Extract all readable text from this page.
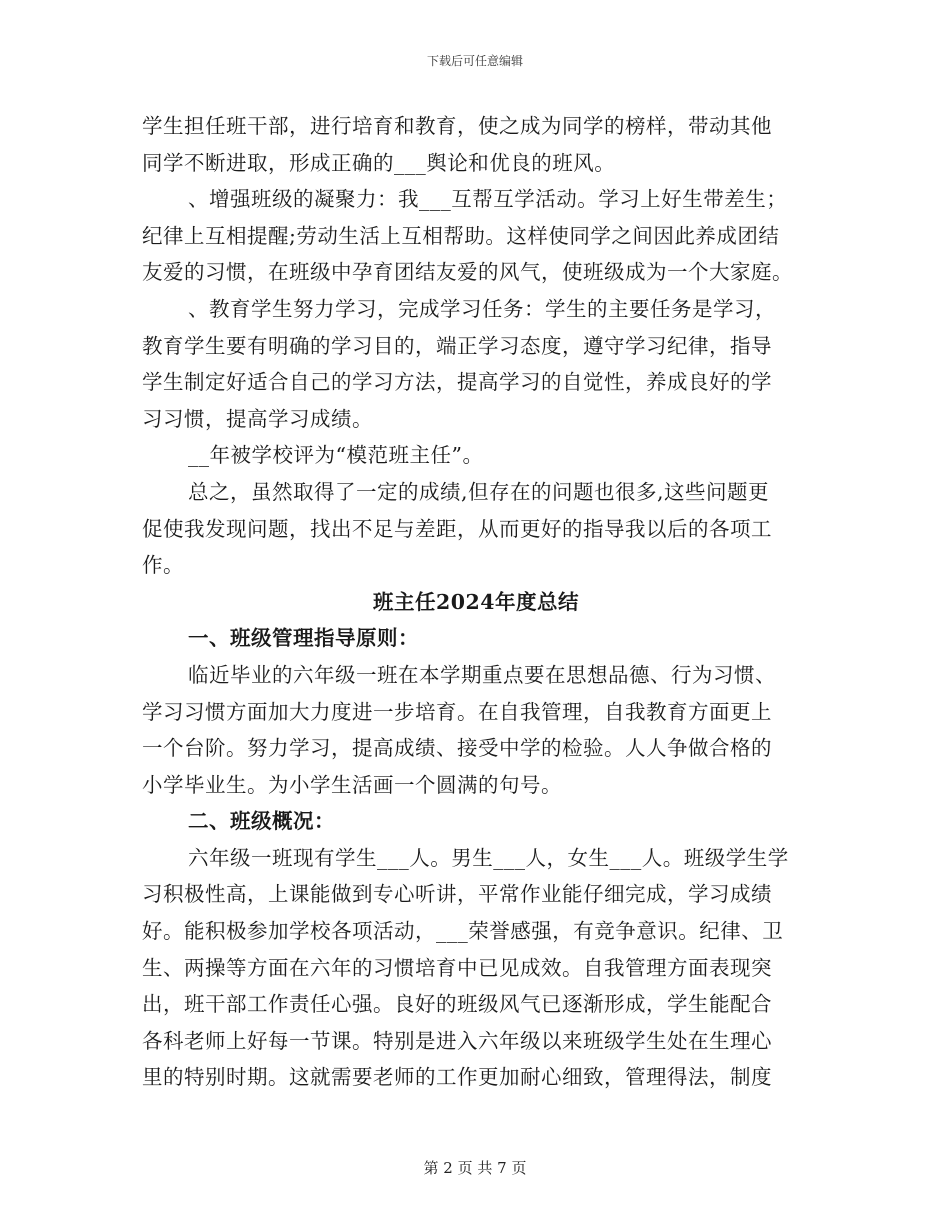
下载后可任意编辑
学生担任班干部，进行培育和教育，使之成为同学的榜样，带动其他
同学不断进取，形成正确的___舆论和优良的班风。
、增强班级的凝聚力：我___互帮互学活动。学习上好生带差生；
纪律上互相提醒;劳动生活上互相帮助。这样使同学之间因此养成团结
友爱的习惯，在班级中孕育团结友爱的风气，使班级成为一个大家庭。
、教育学生努力学习，完成学习任务：学生的主要任务是学习，
教育学生要有明确的学习目的，端正学习态度，遵守学习纪律，指导
学生制定好适合自己的学习方法，提高学习的自觉性，养成良好的学
习习惯，提高学习成绩。
__年被学校评为“模范班主任”。
总之，虽然取得了一定的成绩,但存在的问题也很多,这些问题更
促使我发现问题，找出不足与差距，从而更好的指导我以后的各项工
作。
班主任2024年度总结
一、班级管理指导原则：
临近毕业的六年级一班在本学期重点要在思想品德、行为习惯、
学习习惯方面加大力度进一步培育。在自我管理，自我教育方面更上
一个台阶。努力学习，提高成绩、接受中学的检验。人人争做合格的
小学毕业生。为小学生活画一个圆满的句号。
二、班级概况：
六年级一班现有学生___人。男生___人，女生___人。班级学生学
习积极性高，上课能做到专心听讲，平常作业能仔细完成，学习成绩
好。能积极参加学校各项活动，___荣誉感强，有竞争意识。纪律、卫
生、两操等方面在六年的习惯培育中已见成效。自我管理方面表现突
出，班干部工作责任心强。良好的班级风气已逐渐形成，学生能配合
各科老师上好每一节课。特别是进入六年级以来班级学生处在生理心
里的特别时期。这就需要老师的工作更加耐心细致，管理得法，制度
第 2 页 共 7 页
